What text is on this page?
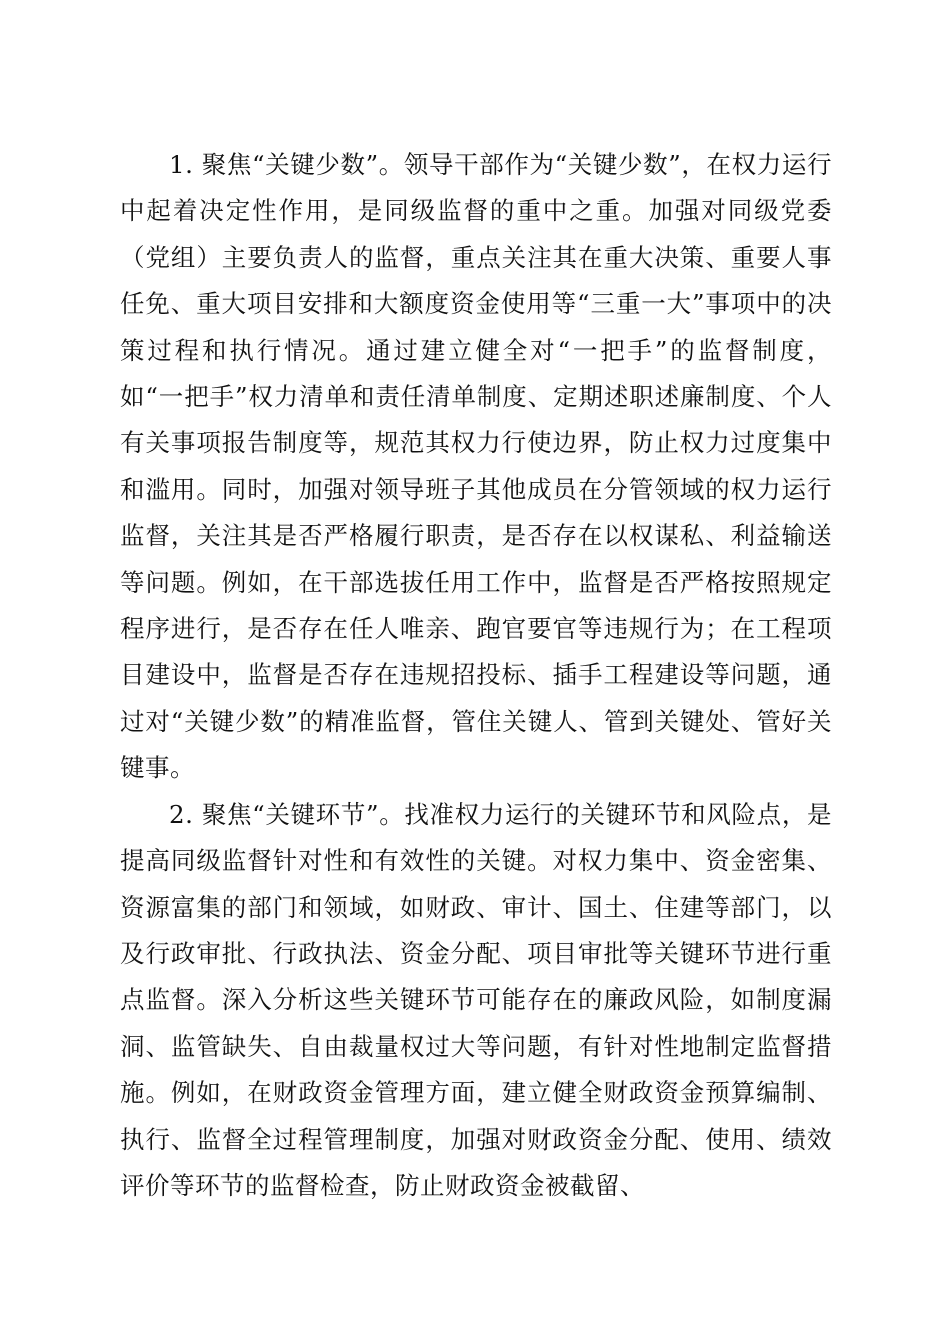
1. 聚焦“关键少数”。领导干部作为“关键少数”，在权力运行中起着决定性作用，是同级监督的重中之重。加强对同级党委（党组）主要负责人的监督，重点关注其在重大决策、重要人事任免、重大项目安排和大额度资金使用等“三重一大”事项中的决策过程和执行情况。通过建立健全对“一把手”的监督制度，如“一把手”权力清单和责任清单制度、定期述职述廉制度、个人有关事项报告制度等，规范其权力行使边界，防止权力过度集中和滥用。同时，加强对领导班子其他成员在分管领域的权力运行监督，关注其是否严格履行职责，是否存在以权谋私、利益输送等问题。例如，在干部选拔任用工作中，监督是否严格按照规定程序进行，是否存在任人唯亲、跑官要官等违规行为；在工程项目建设中，监督是否存在违规招投标、插手工程建设等问题，通过对“关键少数”的精准监督，管住关键人、管到关键处、管好关键事。

2. 聚焦“关键环节”。找准权力运行的关键环节和风险点，是提高同级监督针对性和有效性的关键。对权力集中、资金密集、资源富集的部门和领域，如财政、审计、国土、住建等部门，以及行政审批、行政执法、资金分配、项目审批等关键环节进行重点监督。深入分析这些关键环节可能存在的廉政风险，如制度漏洞、监管缺失、自由裁量权过大等问题，有针对性地制定监督措施。例如，在财政资金管理方面，建立健全财政资金预算编制、执行、监督全过程管理制度，加强对财政资金分配、使用、绩效评价等环节的监督检查，防止财政资金被截留、
